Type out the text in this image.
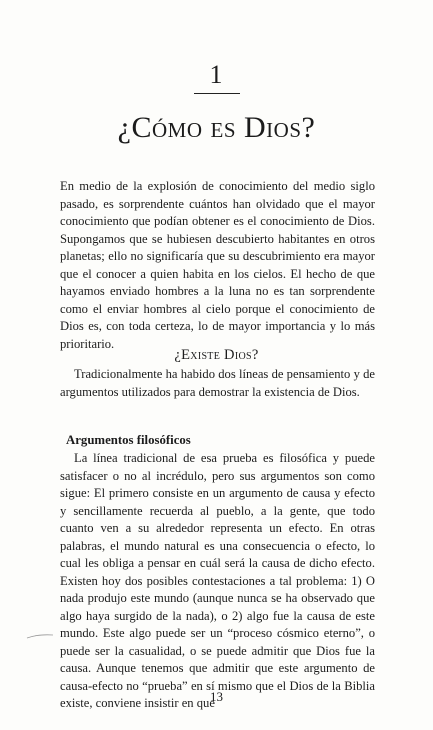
1
¿Cómo es Dios?

En medio de la explosión de conocimiento del medio siglo pasado, es sorprendente cuántos han olvidado que el mayor conocimiento que podían obtener es el conocimiento de Dios. Supongamos que se hubiesen descubierto habitantes en otros planetas; ello no significaría que su descubrimiento era mayor que el conocer a quien habita en los cielos. El hecho de que hayamos enviado hombres a la luna no es tan sorprendente como el enviar hombres al cielo porque el conocimiento de Dios es, con toda certeza, lo de mayor importancia y lo más prioritario.

¿Existe Dios?

Tradicionalmente ha habido dos líneas de pensamiento y de argumentos utilizados para demostrar la existencia de Dios.

Argumentos filosóficos

La línea tradicional de esa prueba es filosófica y puede satisfacer o no al incrédulo, pero sus argumentos son como sigue: El primero consiste en un argumento de causa y efecto y sencillamente recuerda al pueblo, a la gente, que todo cuanto ven a su alrededor representa un efecto. En otras palabras, el mundo natural es una consecuencia o efecto, lo cual les obliga a pensar en cuál será la causa de dicho efecto. Existen hoy dos posibles contestaciones a tal problema: 1) O nada produjo este mundo (aunque nunca se ha observado que algo haya surgido de la nada), o 2) algo fue la causa de este mundo. Este algo puede ser un “proceso cósmico eterno”, o puede ser la casualidad, o se puede admitir que Dios fue la causa. Aunque tenemos que admitir que este argumento de causa-efecto no “prueba” en sí mismo que el Dios de la Biblia existe, conviene insistir en que

13
